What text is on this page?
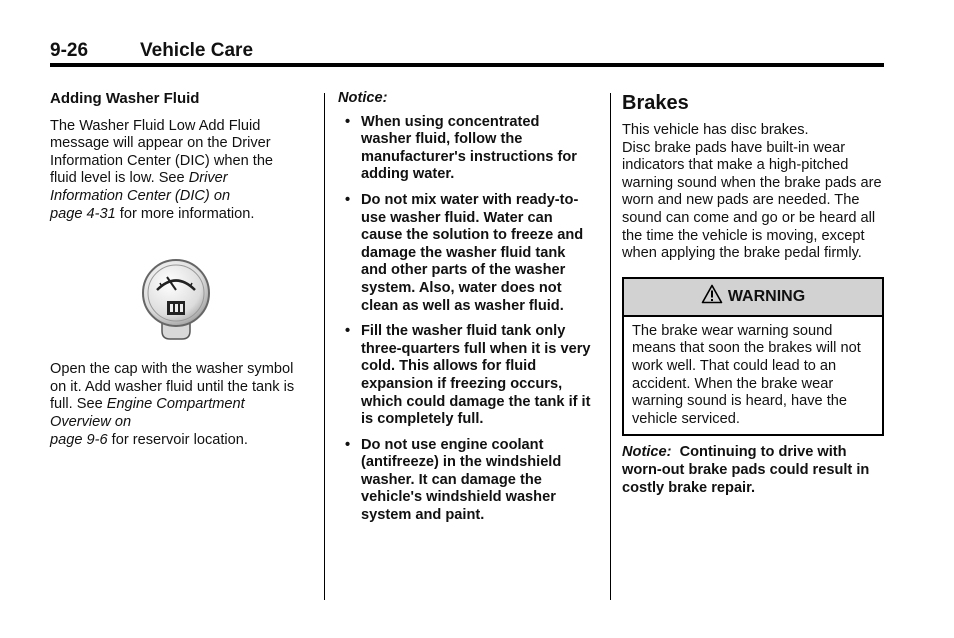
9-26	Vehicle Care
Adding Washer Fluid

The Washer Fluid Low Add Fluid message will appear on the Driver Information Center (DIC) when the fluid level is low. See Driver Information Center (DIC) on
page 4-31 for more information.

Open the cap with the washer symbol on it. Add washer fluid until the tank is full. See Engine Compartment Overview on
page 9-6 for reservoir location.

Notice:
• When using concentrated washer fluid, follow the manufacturer's instructions for adding water.
• Do not mix water with ready-to-use washer fluid. Water can cause the solution to freeze and damage the washer fluid tank and other parts of the washer system. Also, water does not clean as well as washer fluid.
• Fill the washer fluid tank only three-quarters full when it is very cold. This allows for fluid expansion if freezing occurs, which could damage the tank if it is completely full.
• Do not use engine coolant (antifreeze) in the windshield washer. It can damage the vehicle's windshield washer system and paint.
Brakes

This vehicle has disc brakes.

Disc brake pads have built-in wear indicators that make a high-pitched warning sound when the brake pads are worn and new pads are needed. The sound can come and go or be heard all the time the vehicle is moving, except when applying the brake pedal firmly.

WARNING
The brake wear warning sound means that soon the brakes will not work well. That could lead to an accident. When the brake wear warning sound is heard, have the vehicle serviced.

Notice: Continuing to drive with worn-out brake pads could result in costly brake repair.
